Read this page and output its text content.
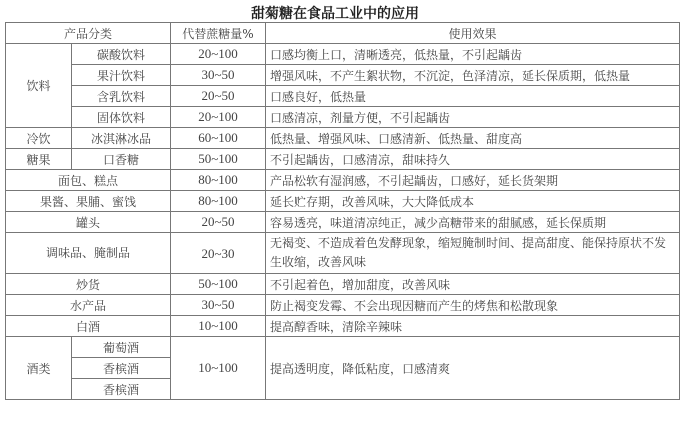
甜菊糖在食品工业中的应用
产品分类		代替蔗糖量%	使用效果
饮料	碳酸饮料	20~100	口感均衡上口，清晰透亮，低热量，不引起龋齿
	果汁饮料	30~50	增强风味，不产生絮状物，不沉淀，色泽清凉，延长保质期，低热量
	含乳饮料	20~50	口感良好，低热量
	固体饮料	20~100	口感清凉，剂量方便，不引起龋齿
冷饮	冰淇淋冰品	60~100	低热量、增强风味、口感清新、低热量、甜度高
糖果	口香糖	50~100	不引起龋齿，口感清凉，甜味持久
面包、糕点		80~100	产品松软有湿润感，不引起龋齿，口感好，延长货架期
果酱、果脯、蜜饯		80~100	延长贮存期，改善风味，大大降低成本
罐头		20~50	容易透亮，味道清凉纯正，减少高糖带来的甜腻感，延长保质期
调味品、腌制品		20~30	无褐变、不造成着色发酵现象，缩短腌制时间、提高甜度、能保持原状不发生收缩，改善风味
炒货		50~100	不引起着色，增加甜度，改善风味
水产品		30~50	防止褐变发霉、不会出现因糖而产生的烤焦和松散现象
白酒		10~100	提高醇香味，清除辛辣味
酒类	葡萄酒	10~100	提高透明度，降低粘度，口感清爽
	香槟酒		
	香槟酒		
